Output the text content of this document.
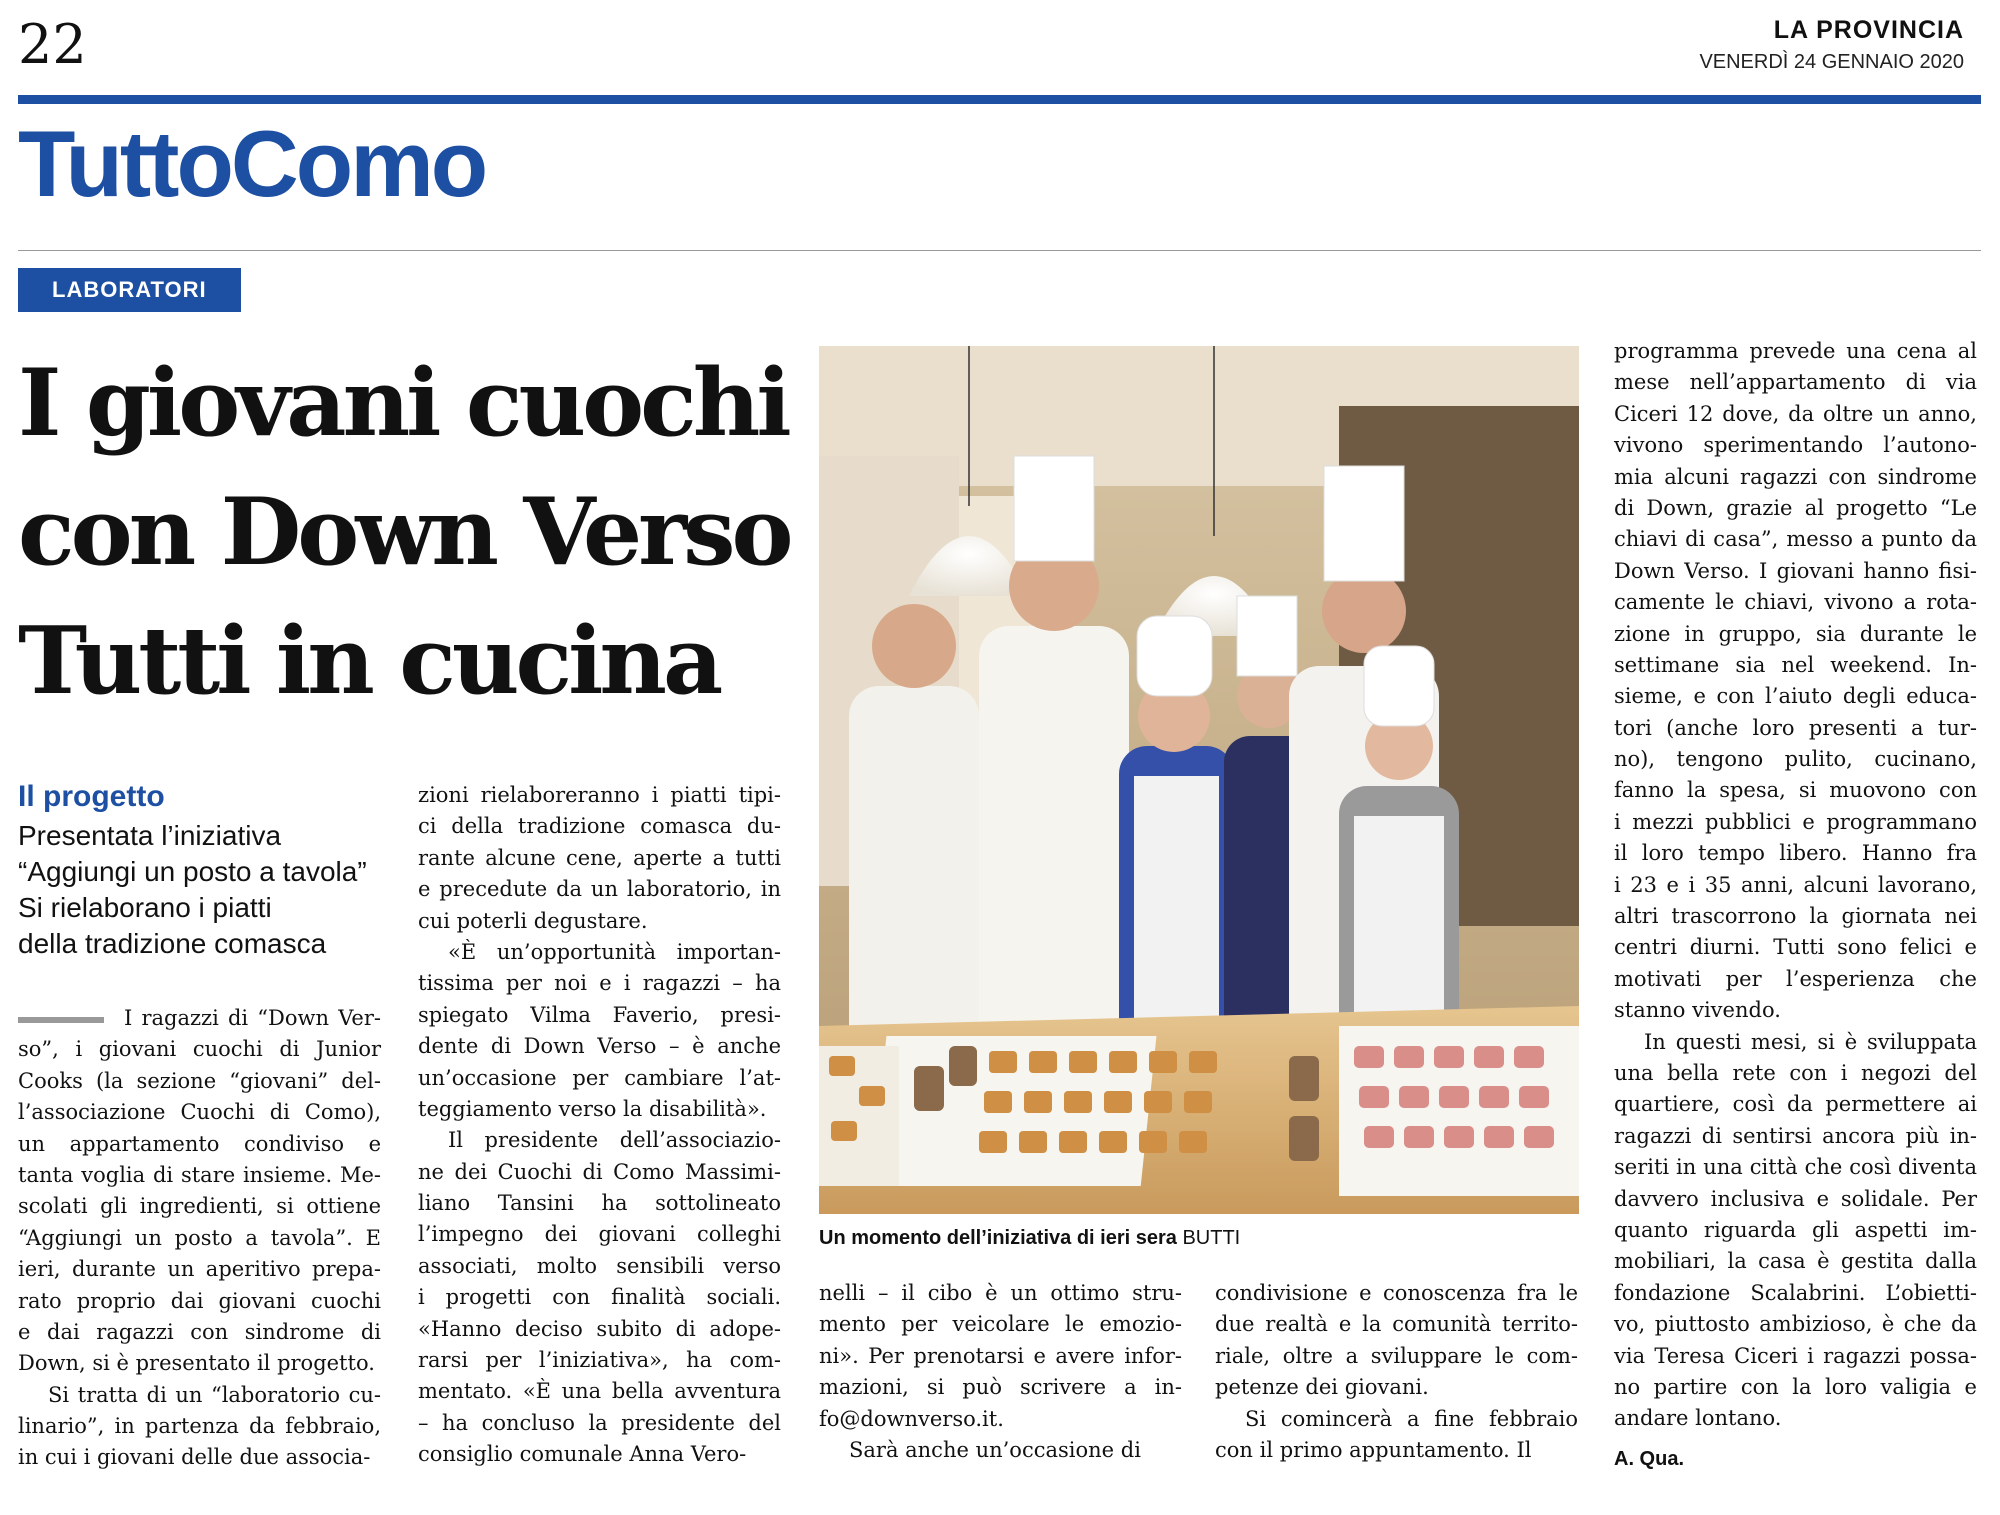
22	LA PROVINCIA
VENERDÌ 24 GENNAIO 2020
TuttoComo
LABORATORI
I giovani cuochi
con Down Verso
Tutti in cucina
Il progetto
Presentata l’iniziativa
“Aggiungi un posto a tavola”
Si rielaborano i piatti
della tradizione comasca
I ragazzi di “Down Ver-
so”, i giovani cuochi di Junior
Cooks (la sezione “giovani” del-
l’associazione Cuochi di Como),
un appartamento condiviso e
tanta voglia di stare insieme. Me-
scolati gli ingredienti, si ottiene
“Aggiungi un posto a tavola”. E
ieri, durante un aperitivo prepa-
rato proprio dai giovani cuochi
e dai ragazzi con sindrome di
Down, si è presentato il progetto.
Si tratta di un “laboratorio cu-
linario”, in partenza da febbraio,
in cui i giovani delle due associa-
zioni rielaboreranno i piatti tipi-
ci della tradizione comasca du-
rante alcune cene, aperte a tutti
e precedute da un laboratorio, in
cui poterli degustare.
«È un’opportunità importan-
tissima per noi e i ragazzi – ha
spiegato Vilma Faverio, presi-
dente di Down Verso – è anche
un’occasione per cambiare l’at-
teggiamento verso la disabilità».
Il presidente dell’associazio-
ne dei Cuochi di Como Massimi-
liano Tansini ha sottolineato
l’impegno dei giovani colleghi
associati, molto sensibili verso
i progetti con finalità sociali.
«Hanno deciso subito di adope-
rarsi per l’iniziativa», ha com-
mentato. «È una bella avventura
– ha concluso la presidente del
consiglio comunale Anna Vero-
Un momento dell’iniziativa di ieri sera BUTTI
nelli – il cibo è un ottimo stru-
mento per veicolare le emozio-
ni». Per prenotarsi e avere infor-
mazioni, si può scrivere a in-
fo@downverso.it.
Sarà anche un’occasione di
condivisione e conoscenza fra le
due realtà e la comunità territo-
riale, oltre a sviluppare le com-
petenze dei giovani.
Si comincerà a fine febbraio
con il primo appuntamento. Il
programma prevede una cena al
mese nell’appartamento di via
Ciceri 12 dove, da oltre un anno,
vivono sperimentando l’autono-
mia alcuni ragazzi con sindrome
di Down, grazie al progetto “Le
chiavi di casa”, messo a punto da
Down Verso. I giovani hanno fisi-
camente le chiavi, vivono a rota-
zione in gruppo, sia durante le
settimane sia nel weekend. In-
sieme, e con l’aiuto degli educa-
tori (anche loro presenti a tur-
no), tengono pulito, cucinano,
fanno la spesa, si muovono con
i mezzi pubblici e programmano
il loro tempo libero. Hanno fra
i 23 e i 35 anni, alcuni lavorano,
altri trascorrono la giornata nei
centri diurni. Tutti sono felici e
motivati per l’esperienza che
stanno vivendo.
In questi mesi, si è sviluppata
una bella rete con i negozi del
quartiere, così da permettere ai
ragazzi di sentirsi ancora più in-
seriti in una città che così diventa
davvero inclusiva e solidale. Per
quanto riguarda gli aspetti im-
mobiliari, la casa è gestita dalla
fondazione Scalabrini. L’obietti-
vo, piuttosto ambizioso, è che da
via Teresa Ciceri i ragazzi possa-
no partire con la loro valigia e
andare lontano.
A. Qua.
